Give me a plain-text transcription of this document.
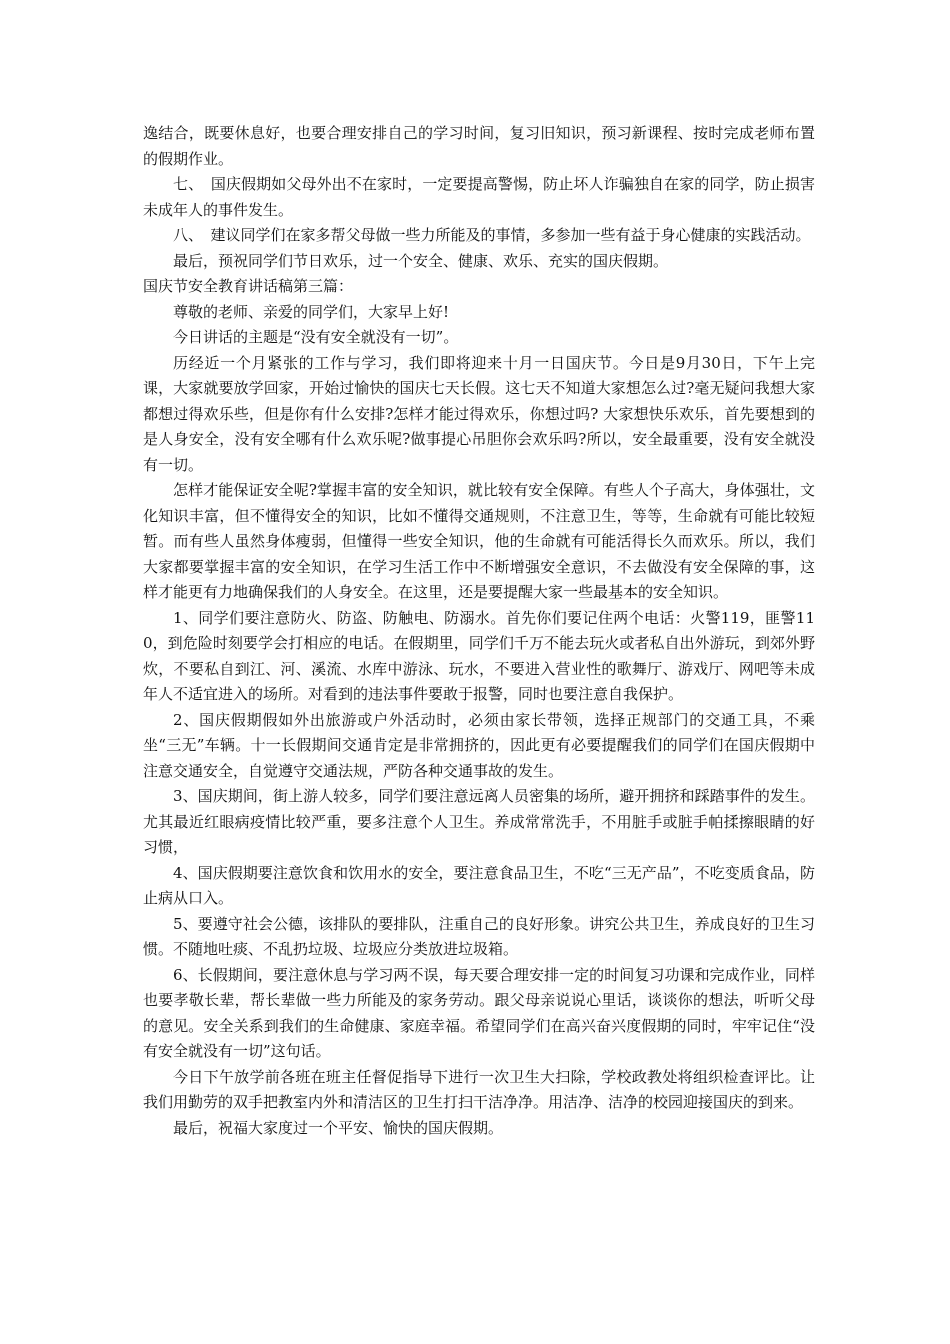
逸结合，既要休息好，也要合理安排自己的学习时间，复习旧知识，预习新课程、按时完成老师布置的假期作业。

七、　国庆假期如父母外出不在家时，一定要提高警惕，防止坏人诈骗独自在家的同学，防止损害未成年人的事件发生。

八、　建议同学们在家多帮父母做一些力所能及的事情，多参加一些有益于身心健康的实践活动。

最后，预祝同学们节日欢乐，过一个安全、健康、欢乐、充实的国庆假期。

国庆节安全教育讲话稿第三篇：

尊敬的老师、亲爱的同学们，大家早上好!

今日讲话的主题是“没有安全就没有一切”。

历经近一个月紧张的工作与学习，我们即将迎来十月一日国庆节。今日是9月30日，下午上完课，大家就要放学回家，开始过愉快的国庆七天长假。这七天不知道大家想怎么过?毫无疑问我想大家都想过得欢乐些，但是你有什么安排?怎样才能过得欢乐，你想过吗? 大家想快乐欢乐，首先要想到的是人身安全，没有安全哪有什么欢乐呢?做事提心吊胆你会欢乐吗?所以，安全最重要，没有安全就没有一切。

怎样才能保证安全呢?掌握丰富的安全知识，就比较有安全保障。有些人个子高大，身体强壮，文化知识丰富，但不懂得安全的知识，比如不懂得交通规则，不注意卫生，等等，生命就有可能比较短暂。而有些人虽然身体瘦弱，但懂得一些安全知识，他的生命就有可能活得长久而欢乐。所以，我们大家都要掌握丰富的安全知识，在学习生活工作中不断增强安全意识，不去做没有安全保障的事，这样才能更有力地确保我们的人身安全。在这里，还是要提醒大家一些最基本的安全知识。

1、同学们要注意防火、防盗、防触电、防溺水。首先你们要记住两个电话：火警119，匪警110，到危险时刻要学会打相应的电话。在假期里，同学们千万不能去玩火或者私自出外游玩，到郊外野炊，不要私自到江、河、溪流、水库中游泳、玩水，不要进入营业性的歌舞厅、游戏厅、网吧等未成年人不适宜进入的场所。对看到的违法事件要敢于报警，同时也要注意自我保护。

2、国庆假期假如外出旅游或户外活动时，必须由家长带领，选择正规部门的交通工具，不乘坐“三无”车辆。十一长假期间交通肯定是非常拥挤的，因此更有必要提醒我们的同学们在国庆假期中注意交通安全，自觉遵守交通法规，严防各种交通事故的发生。

3、国庆期间，街上游人较多，同学们要注意远离人员密集的场所，避开拥挤和踩踏事件的发生。尤其最近红眼病疫情比较严重，要多注意个人卫生。养成常常洗手，不用脏手或脏手帕揉擦眼睛的好习惯，

4、国庆假期要注意饮食和饮用水的安全，要注意食品卫生，不吃“三无产品”，不吃变质食品，防止病从口入。

5、要遵守社会公德，该排队的要排队，注重自己的良好形象。讲究公共卫生，养成良好的卫生习惯。不随地吐痰、不乱扔垃圾、垃圾应分类放进垃圾箱。

6、长假期间，要注意休息与学习两不误，每天要合理安排一定的时间复习功课和完成作业，同样也要孝敬长辈，帮长辈做一些力所能及的家务劳动。跟父母亲说说心里话，谈谈你的想法，听听父母的意见。安全关系到我们的生命健康、家庭幸福。希望同学们在高兴奋兴度假期的同时，牢牢记住“没有安全就没有一切”这句话。

今日下午放学前各班在班主任督促指导下进行一次卫生大扫除，学校政教处将组织检查评比。让我们用勤劳的双手把教室内外和清洁区的卫生打扫干洁净净。用洁净、洁净的校园迎接国庆的到来。

最后，祝福大家度过一个平安、愉快的国庆假期。
